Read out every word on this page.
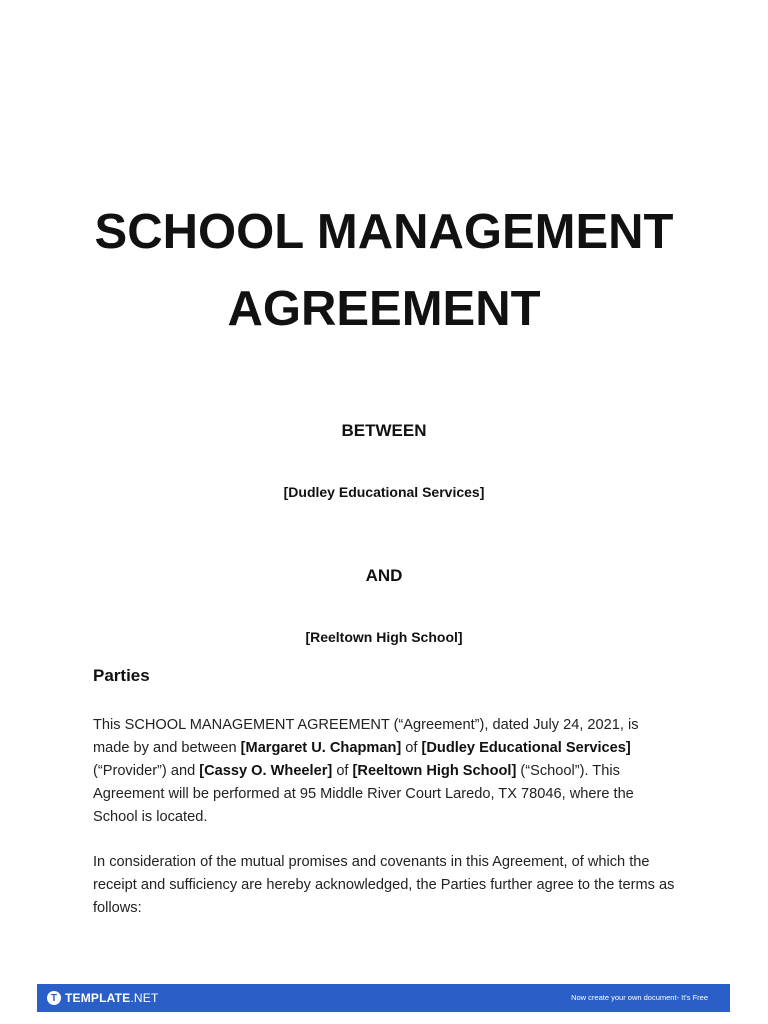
SCHOOL MANAGEMENT
AGREEMENT
BETWEEN
[Dudley Educational Services]
AND
[Reeltown High School]
Parties
This SCHOOL MANAGEMENT AGREEMENT (“Agreement”), dated July 24, 2021, is made by and between [Margaret U. Chapman] of [Dudley Educational Services] (“Provider”) and [Cassy O. Wheeler] of [Reeltown High School] (“School”). This Agreement will be performed at 95 Middle River Court Laredo, TX 78046, where the School is located.
In consideration of the mutual promises and covenants in this Agreement, of which the receipt and sufficiency are hereby acknowledged, the Parties further agree to the terms as follows:
T TEMPLATE .NET	Now create your own document- It's Free
